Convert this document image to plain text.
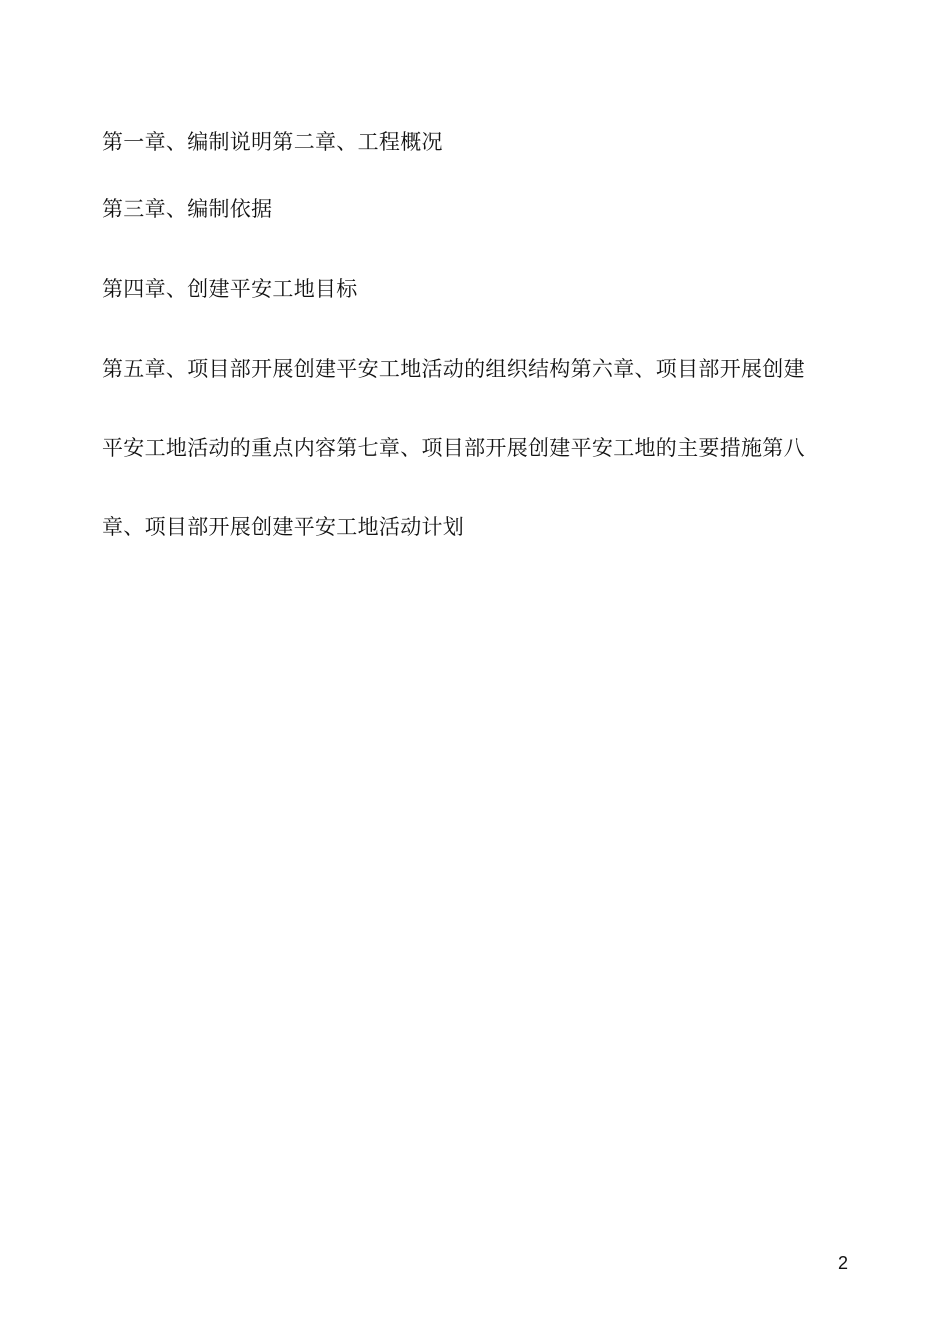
第一章、编制说明第二章、工程概况
第三章、编制依据
第四章、创建平安工地目标
第五章、项目部开展创建平安工地活动的组织结构第六章、项目部开展创建
平安工地活动的重点内容第七章、项目部开展创建平安工地的主要措施第八
章、项目部开展创建平安工地活动计划
2
